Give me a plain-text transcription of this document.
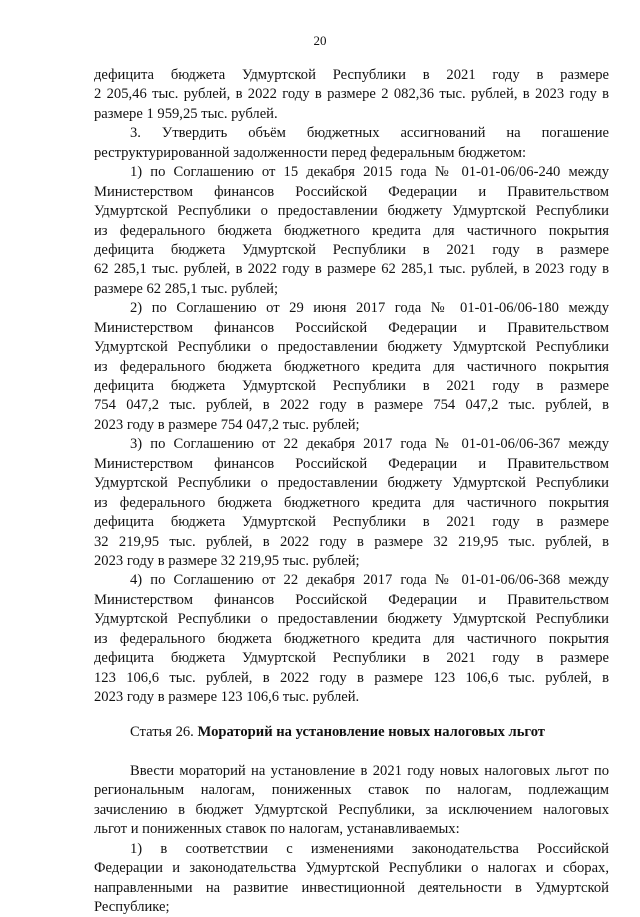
20

дефицита бюджета Удмуртской Республики в 2021 году в размере
2 205,46 тыс. рублей, в 2022 году в размере 2 082,36 тыс. рублей, в 2023 году в
размере 1 959,25 тыс. рублей.

3. Утвердить объём бюджетных ассигнований на погашение
реструктурированной задолженности перед федеральным бюджетом:

1) по Соглашению от 15 декабря 2015 года № 01-01-06/06-240 между
Министерством финансов Российской Федерации и Правительством
Удмуртской Республики о предоставлении бюджету Удмуртской Республики
из федерального бюджета бюджетного кредита для частичного покрытия
дефицита бюджета Удмуртской Республики в 2021 году в размере
62 285,1 тыс. рублей, в 2022 году в размере 62 285,1 тыс. рублей, в 2023 году в
размере 62 285,1 тыс. рублей;

2) по Соглашению от 29 июня 2017 года № 01-01-06/06-180 между
Министерством финансов Российской Федерации и Правительством
Удмуртской Республики о предоставлении бюджету Удмуртской Республики
из федерального бюджета бюджетного кредита для частичного покрытия
дефицита бюджета Удмуртской Республики в 2021 году в размере
754 047,2 тыс. рублей, в 2022 году в размере 754 047,2 тыс. рублей, в
2023 году в размере 754 047,2 тыс. рублей;

3) по Соглашению от 22 декабря 2017 года № 01-01-06/06-367 между
Министерством финансов Российской Федерации и Правительством
Удмуртской Республики о предоставлении бюджету Удмуртской Республики
из федерального бюджета бюджетного кредита для частичного покрытия
дефицита бюджета Удмуртской Республики в 2021 году в размере
32 219,95 тыс. рублей, в 2022 году в размере 32 219,95 тыс. рублей, в
2023 году в размере 32 219,95 тыс. рублей;

4) по Соглашению от 22 декабря 2017 года № 01-01-06/06-368 между
Министерством финансов Российской Федерации и Правительством
Удмуртской Республики о предоставлении бюджету Удмуртской Республики
из федерального бюджета бюджетного кредита для частичного покрытия
дефицита бюджета Удмуртской Республики в 2021 году в размере
123 106,6 тыс. рублей, в 2022 году в размере 123 106,6 тыс. рублей, в
2023 году в размере 123 106,6 тыс. рублей.

Статья 26. Мораторий на установление новых налоговых льгот

Ввести мораторий на установление в 2021 году новых налоговых льгот по
региональным налогам, пониженных ставок по налогам, подлежащим
зачислению в бюджет Удмуртской Республики, за исключением налоговых
льгот и пониженных ставок по налогам, устанавливаемых:

1) в соответствии с изменениями законодательства Российской
Федерации и законодательства Удмуртской Республики о налогах и сборах,
направленными на развитие инвестиционной деятельности в Удмуртской
Республике;
